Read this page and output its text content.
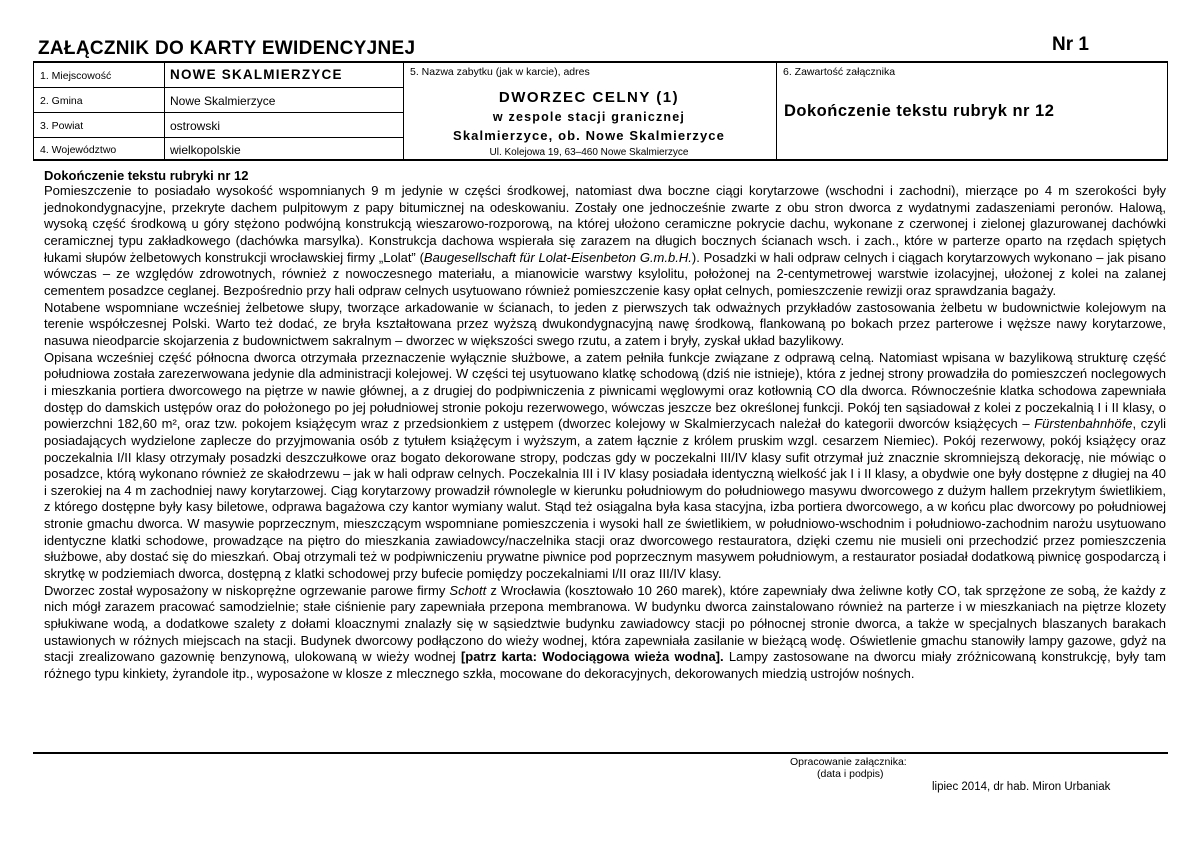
ZAŁĄCZNIK DO KARTY EWIDENCYJNEJ	Nr 1
1. Miejscowość	NOWE SKALMIERZYCE
2. Gmina	Nowe Skalmierzyce
3. Powiat	ostrowski
4. Województwo	wielkopolskie
5. Nazwa zabytku (jak w karcie), adres
DWORZEC CELNY (1)
w zespole stacji granicznej
Skalmierzyce, ob. Nowe Skalmierzyce
Ul. Kolejowa 19, 63–460 Nowe Skalmierzyce
6. Zawartość załącznika
Dokończenie tekstu rubryk nr 12
Dokończenie tekstu rubryki nr 12

Pomieszczenie to posiadało wysokość wspomnianych 9 m jedynie w części środkowej, natomiast dwa boczne ciągi korytarzowe (wschodni i zachodni), mierzące po 4 m szerokości były jednokondygnacyjne, przekryte dachem pulpitowym z papy bitumicznej na odeskowaniu. Zostały one jednocześnie zwarte z obu stron dworca z wydatnymi zadaszeniami peronów. Halową, wysoką część środkową u góry stężono podwójną konstrukcją wieszarowo-rozporową, na której ułożono ceramiczne pokrycie dachu, wykonane z czerwonej i zielonej glazurowanej dachówki ceramicznej typu zakładkowego (dachówka marsylka). Konstrukcja dachowa wspierała się zarazem na długich bocznych ścianach wsch. i zach., które w parterze oparto na rzędach spiętych łukami słupów żelbetowych konstrukcji wrocławskiej firmy „Lolat” (Baugesellschaft für Lolat-Eisenbeton G.m.b.H.). Posadzki w hali odpraw celnych i ciągach korytarzowych wykonano – jak pisano wówczas – ze względów zdrowotnych, również z nowoczesnego materiału, a mianowicie warstwy ksylolitu, położonej na 2-centymetrowej warstwie izolacyjnej, ułożonej z kolei na zalanej cementem posadzce ceglanej. Bezpośrednio przy hali odpraw celnych usytuowano również pomieszczenie kasy opłat celnych, pomieszczenie rewizji oraz sprawdzania bagaży.

Notabene wspomniane wcześniej żelbetowe słupy, tworzące arkadowanie w ścianach, to jeden z pierwszych tak odważnych przykładów zastosowania żelbetu w budownictwie kolejowym na terenie współczesnej Polski. Warto też dodać, ze bryła kształtowana przez wyższą dwukondygnacyjną nawę środkową, flankowaną po bokach przez parterowe i węższe nawy korytarzowe, nasuwa nieodparcie skojarzenia z budownictwem sakralnym – dworzec w większości swego rzutu, a zatem i bryły, zyskał układ bazylikowy.

Opisana wcześniej część północna dworca otrzymała przeznaczenie wyłącznie służbowe, a zatem pełniła funkcje związane z odprawą celną. Natomiast wpisana w bazylikową strukturę część południowa została zarezerwowana jedynie dla administracji kolejowej. W części tej usytuowano klatkę schodową (dziś nie istnieje), która z jednej strony prowadziła do pomieszczeń noclegowych i mieszkania portiera dworcowego na piętrze w nawie głównej, a z drugiej do podpiwniczenia z piwnicami węglowymi oraz kotłownią CO dla dworca. Równocześnie klatka schodowa zapewniała dostęp do damskich ustępów oraz do położonego po jej południowej stronie pokoju rezerwowego, wówczas jeszcze bez określonej funkcji. Pokój ten sąsiadował z kolei z poczekalnią I i II klasy, o powierzchni 182,60 m², oraz tzw. pokojem książęcym wraz z przedsionkiem z ustępem (dworzec kolejowy w Skalmierzycach należał do kategorii dworców książęcych – Fürstenbahnhöfe, czyli posiadających wydzielone zaplecze do przyjmowania osób z tytułem książęcym i wyższym, a zatem łącznie z królem pruskim wzgl. cesarzem Niemiec). Pokój rezerwowy, pokój książęcy oraz poczekalnia I/II klasy otrzymały posadzki deszczułkowe oraz bogato dekorowane stropy, podczas gdy w poczekalni III/IV klasy sufit otrzymał już znacznie skromniejszą dekorację, nie mówiąc o posadzce, którą wykonano również ze skałodrzewu – jak w hali odpraw celnych. Poczekalnia III i IV klasy posiadała identyczną wielkość jak I i II klasy, a obydwie one były dostępne z długiej na 40 i szerokiej na 4 m zachodniej nawy korytarzowej. Ciąg korytarzowy prowadził równolegle w kierunku południowym do południowego masywu dworcowego z dużym hallem przekrytym świetlikiem, z którego dostępne były kasy biletowe, odprawa bagażowa czy kantor wymiany walut. Stąd też osiągalna była kasa stacyjna, izba portiera dworcowego, a w końcu plac dworcowy po południowej stronie gmachu dworca. W masywie poprzecznym, mieszczącym wspomniane pomieszczenia i wysoki hall ze świetlikiem, w południowo-wschodnim i południowo-zachodnim narożu usytuowano identyczne klatki schodowe, prowadzące na piętro do mieszkania zawiadowcy/naczelnika stacji oraz dworcowego restauratora, dzięki czemu nie musieli oni przechodzić przez pomieszczenia służbowe, aby dostać się do mieszkań. Obaj otrzymali też w podpiwniczeniu prywatne piwnice pod poprzecznym masywem południowym, a restaurator posiadał dodatkową piwnicę gospodarczą i skrytkę w podziemiach dworca, dostępną z klatki schodowej przy bufecie pomiędzy poczekalniami I/II oraz III/IV klasy.

Dworzec został wyposażony w niskoprężne ogrzewanie parowe firmy Schott z Wrocławia (kosztowało 10 260 marek), które zapewniały dwa żeliwne kotły CO, tak sprzężone ze sobą, że każdy z nich mógł zarazem pracować samodzielnie; stałe ciśnienie pary zapewniała przepona membranowa. W budynku dworca zainstalowano również na parterze i w mieszkaniach na piętrze klozety spłukiwane wodą, a dodatkowe szalety z dołami kloacznymi znalazły się w sąsiedztwie budynku zawiadowcy stacji po północnej stronie dworca, a także w specjalnych blaszanych barakach ustawionych w różnych miejscach na stacji. Budynek dworcowy podłączono do wieży wodnej, która zapewniała zasilanie w bieżącą wodę. Oświetlenie gmachu stanowiły lampy gazowe, gdyż na stacji zrealizowano gazownię benzynową, ulokowaną w wieży wodnej [patrz karta: Wodociągowa wieża wodna]. Lampy zastosowane na dworcu miały zróżnicowaną konstrukcję, były tam różnego typu kinkiety, żyrandole itp., wyposażone w klosze z mlecznego szkła, mocowane do dekoracyjnych, dekorowanych miedzią ustrojów nośnych.

Opracowanie załącznika:
(data i podpis)
lipiec 2014, dr hab. Miron Urbaniak
